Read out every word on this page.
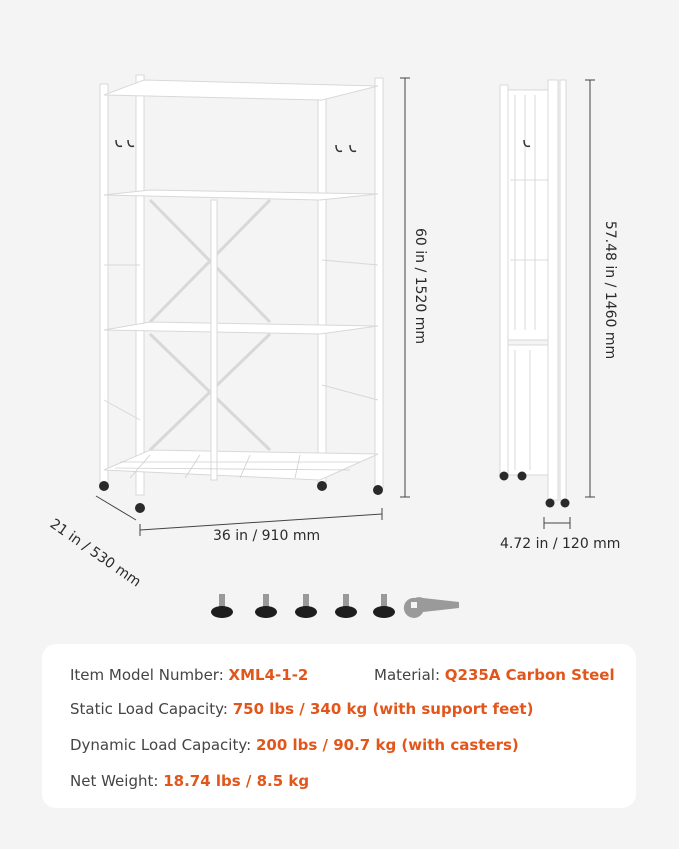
60 in / 1520 mm
36 in / 910 mm
21 in / 530 mm
57.48 in / 1460 mm
4.72 in / 120 mm
Item Model Number: XML4-1-2	Material: Q235A Carbon Steel
Static Load Capacity: 750 lbs / 340 kg (with support feet)
Dynamic Load Capacity: 200 lbs / 90.7 kg (with casters)
Net Weight: 18.74 lbs / 8.5 kg
